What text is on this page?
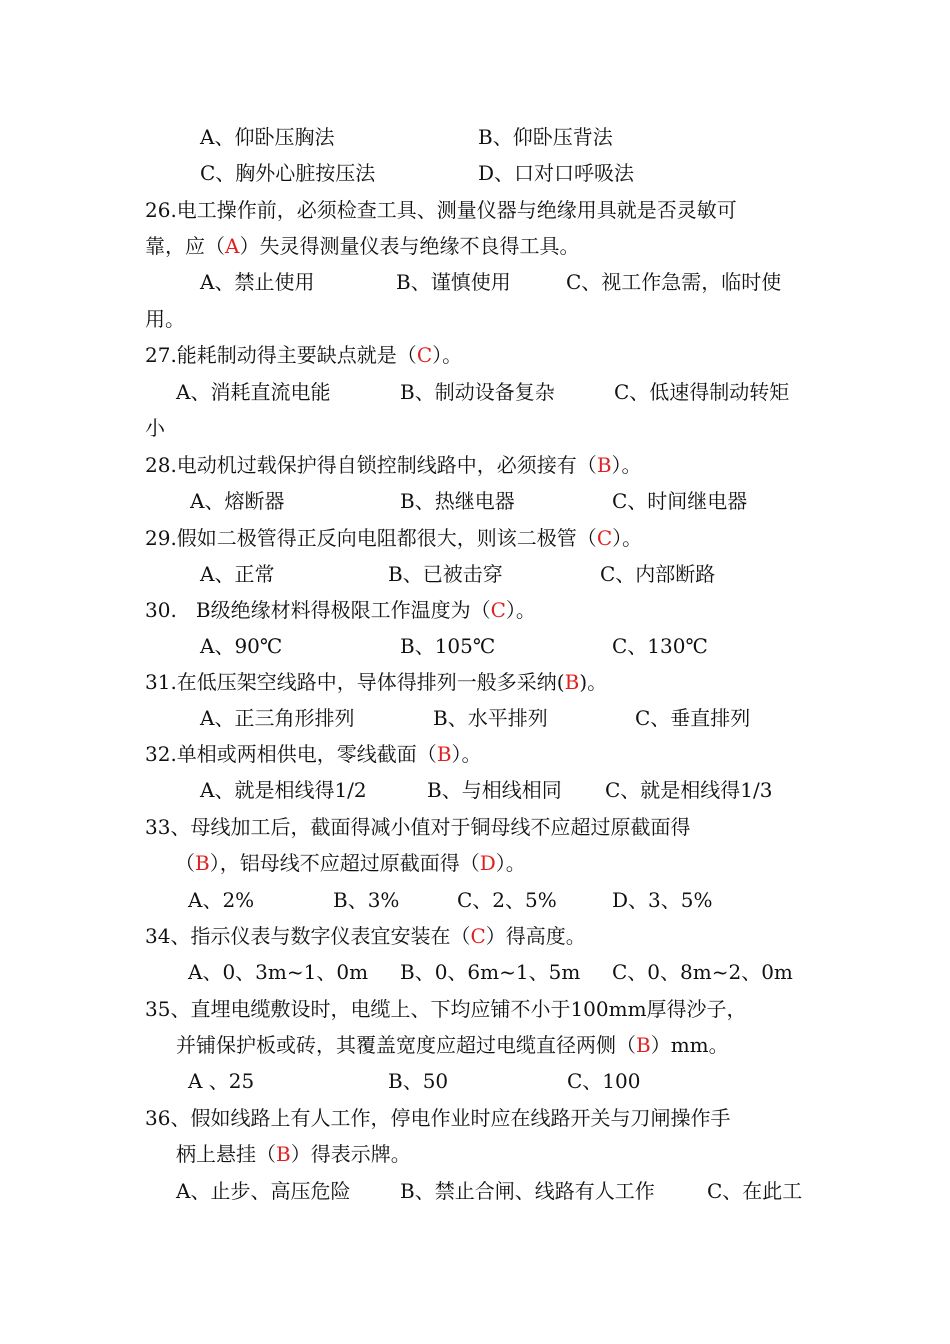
A、仰卧压胸法	B、仰卧压背法
C、胸外心脏按压法	D、口对口呼吸法
26.电工操作前，必须检查工具、测量仪器与绝缘用具就是否灵敏可
靠，应（A）失灵得测量仪表与绝缘不良得工具。
A、禁止使用	B、谨慎使用	C、视工作急需，临时使
用。
27.能耗制动得主要缺点就是（C）。
A、消耗直流电能	B、制动设备复杂	C、低速得制动转矩
小
28.电动机过载保护得自锁控制线路中，必须接有（B）。
A、熔断器	B、热继电器	C、时间继电器
29.假如二极管得正反向电阻都很大，则该二极管（C）。
A、正常	B、已被击穿	C、内部断路
30.   B级绝缘材料得极限工作温度为（C）。
A、90℃	B、105℃	C、130℃
31.在低压架空线路中，导体得排列一般多采纳(B)。
A、正三角形排列	B、水平排列	C、垂直排列
32.单相或两相供电，零线截面（B）。
A、就是相线得1/2	B、与相线相同 C、就是相线得1/3
33、母线加工后，截面得减小值对于铜母线不应超过原截面得
（B），铝母线不应超过原截面得（D）。
A、2%	B、3%	C、2、5%	D、3、5%
34、指示仪表与数字仪表宜安装在（C）得高度。
A、0、3m~1、0m B、0、6m~1、5m C、0、8m~2、0m
35、直埋电缆敷设时，电缆上、下均应铺不小于100mm厚得沙子，
并铺保护板或砖，其覆盖宽度应超过电缆直径两侧（B）mm。
A 、25	B、50	C、100
36、假如线路上有人工作，停电作业时应在线路开关与刀闸操作手
柄上悬挂（B）得表示牌。
A、止步、高压危险 B、禁止合闸、线路有人工作	C、在此工
